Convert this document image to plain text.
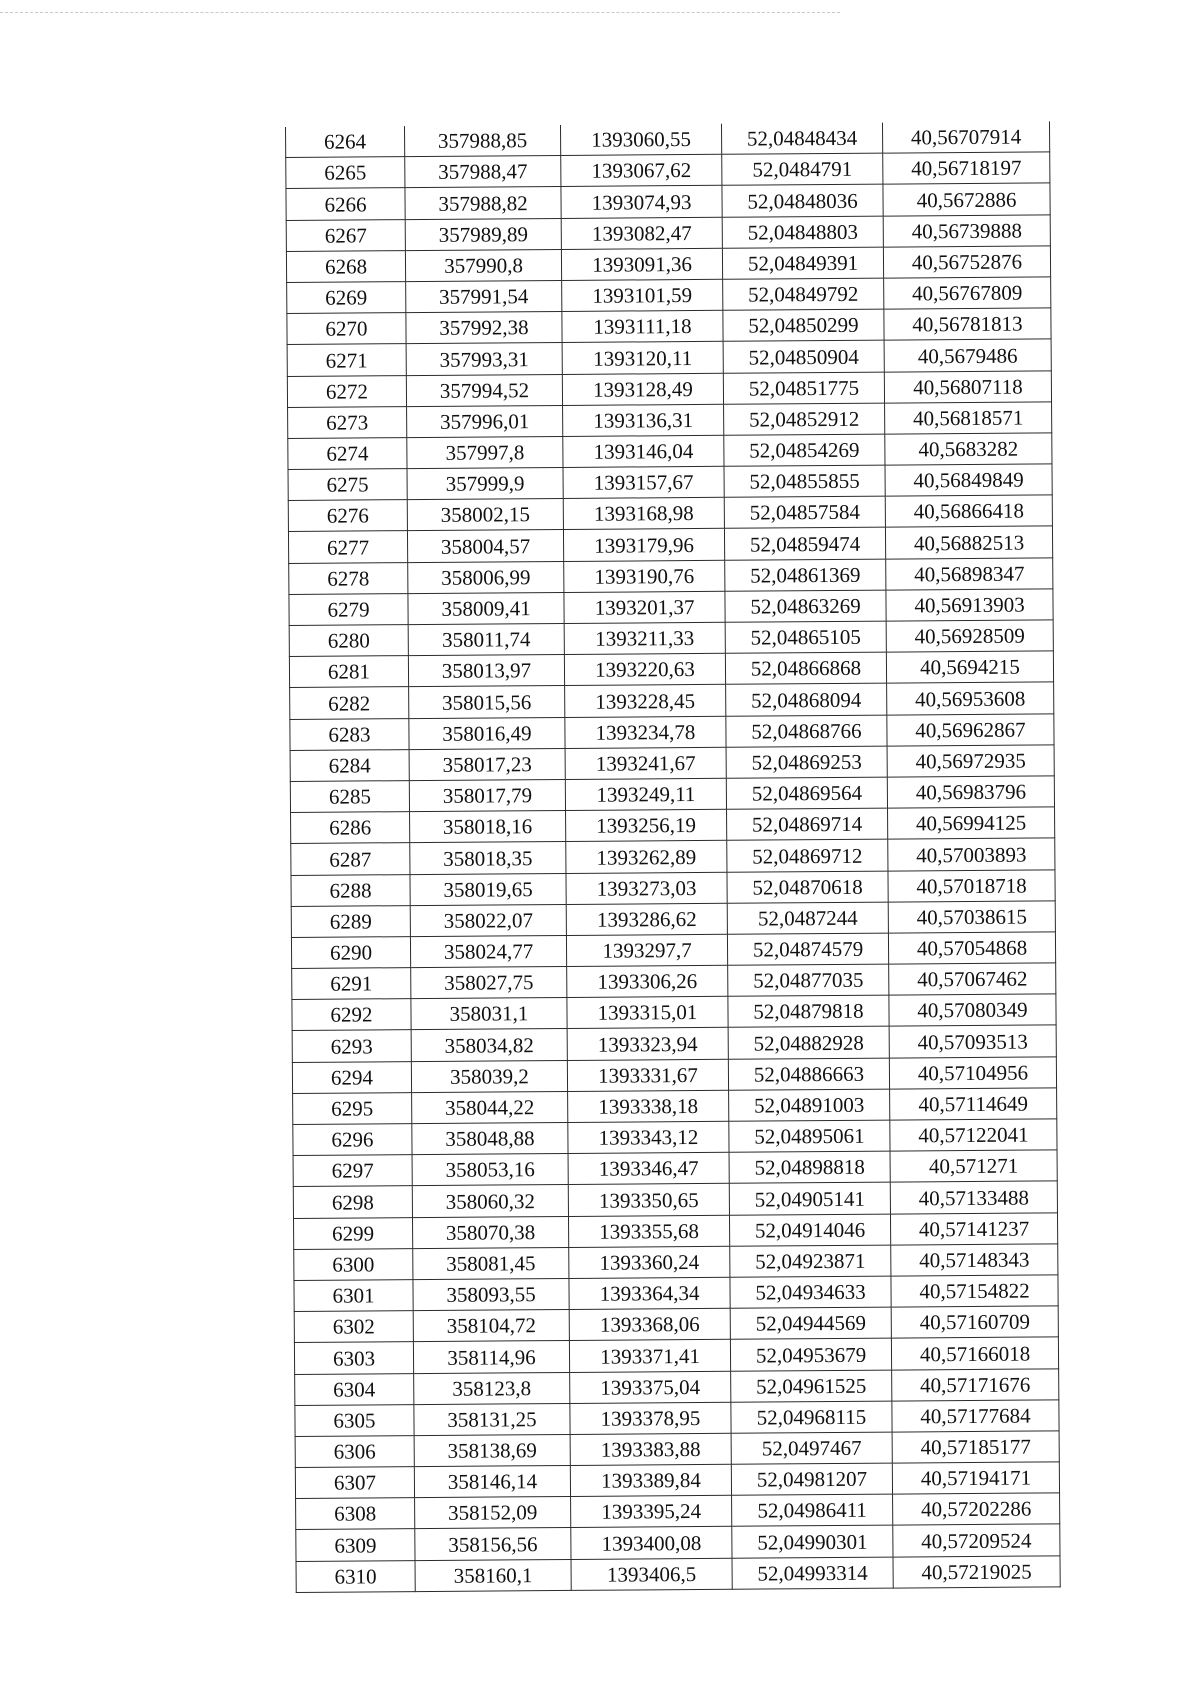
6264	357988,85	1393060,55	52,04848434	40,56707914
6265	357988,47	1393067,62	52,0484791	40,56718197
6266	357988,82	1393074,93	52,04848036	40,5672886
6267	357989,89	1393082,47	52,04848803	40,56739888
6268	357990,8	1393091,36	52,04849391	40,56752876
6269	357991,54	1393101,59	52,04849792	40,56767809
6270	357992,38	1393111,18	52,04850299	40,56781813
6271	357993,31	1393120,11	52,04850904	40,5679486
6272	357994,52	1393128,49	52,04851775	40,56807118
6273	357996,01	1393136,31	52,04852912	40,56818571
6274	357997,8	1393146,04	52,04854269	40,5683282
6275	357999,9	1393157,67	52,04855855	40,56849849
6276	358002,15	1393168,98	52,04857584	40,56866418
6277	358004,57	1393179,96	52,04859474	40,56882513
6278	358006,99	1393190,76	52,04861369	40,56898347
6279	358009,41	1393201,37	52,04863269	40,56913903
6280	358011,74	1393211,33	52,04865105	40,56928509
6281	358013,97	1393220,63	52,04866868	40,5694215
6282	358015,56	1393228,45	52,04868094	40,56953608
6283	358016,49	1393234,78	52,04868766	40,56962867
6284	358017,23	1393241,67	52,04869253	40,56972935
6285	358017,79	1393249,11	52,04869564	40,56983796
6286	358018,16	1393256,19	52,04869714	40,56994125
6287	358018,35	1393262,89	52,04869712	40,57003893
6288	358019,65	1393273,03	52,04870618	40,57018718
6289	358022,07	1393286,62	52,0487244	40,57038615
6290	358024,77	1393297,7	52,04874579	40,57054868
6291	358027,75	1393306,26	52,04877035	40,57067462
6292	358031,1	1393315,01	52,04879818	40,57080349
6293	358034,82	1393323,94	52,04882928	40,57093513
6294	358039,2	1393331,67	52,04886663	40,57104956
6295	358044,22	1393338,18	52,04891003	40,57114649
6296	358048,88	1393343,12	52,04895061	40,57122041
6297	358053,16	1393346,47	52,04898818	40,571271
6298	358060,32	1393350,65	52,04905141	40,57133488
6299	358070,38	1393355,68	52,04914046	40,57141237
6300	358081,45	1393360,24	52,04923871	40,57148343
6301	358093,55	1393364,34	52,04934633	40,57154822
6302	358104,72	1393368,06	52,04944569	40,57160709
6303	358114,96	1393371,41	52,04953679	40,57166018
6304	358123,8	1393375,04	52,04961525	40,57171676
6305	358131,25	1393378,95	52,04968115	40,57177684
6306	358138,69	1393383,88	52,0497467	40,57185177
6307	358146,14	1393389,84	52,04981207	40,57194171
6308	358152,09	1393395,24	52,04986411	40,57202286
6309	358156,56	1393400,08	52,04990301	40,57209524
6310	358160,1	1393406,5	52,04993314	40,57219025
